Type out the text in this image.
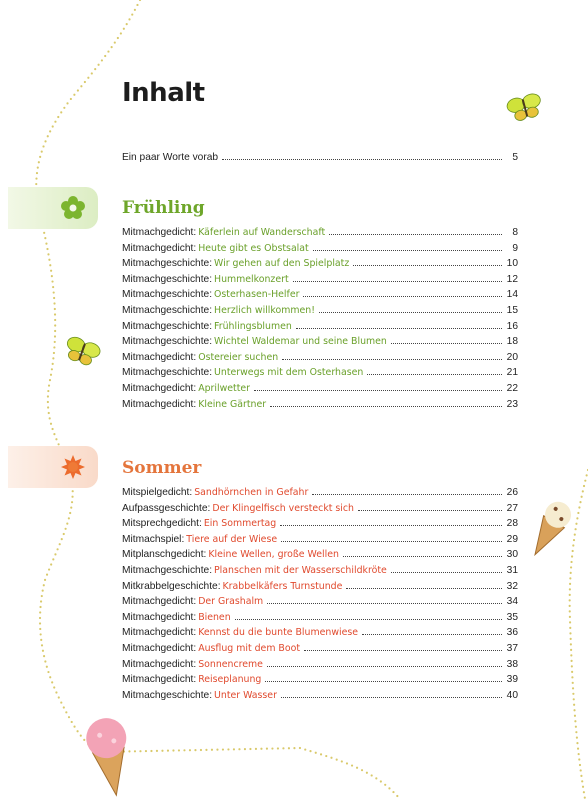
Inhalt
Ein paar Worte vorab	5
Frühling
Mitmachgedicht: Käferlein auf Wanderschaft	8
Mitmachgedicht: Heute gibt es Obstsalat	9
Mitmachgeschichte: Wir gehen auf den Spielplatz	10
Mitmachgeschichte: Hummelkonzert	12
Mitmachgeschichte: Osterhasen-Helfer	14
Mitmachgeschichte: Herzlich willkommen!	15
Mitmachgeschichte: Frühlingsblumen	16
Mitmachgeschichte: Wichtel Waldemar und seine Blumen	18
Mitmachgedicht: Ostereier suchen	20
Mitmachgeschichte: Unterwegs mit dem Osterhasen	21
Mitmachgedicht: Aprilwetter	22
Mitmachgedicht: Kleine Gärtner	23
Sommer
Mitspielgedicht: Sandhörnchen in Gefahr	26
Aufpassgeschichte: Der Klingelfisch versteckt sich	27
Mitsprechgedicht: Ein Sommertag	28
Mitmachspiel: Tiere auf der Wiese	29
Mitplanschgedicht: Kleine Wellen, große Wellen	30
Mitmachgeschichte: Planschen mit der Wasserschildkröte	31
Mitkrabbelgeschichte: Krabbelkäfers Turnstunde	32
Mitmachgedicht: Der Grashalm	34
Mitmachgedicht: Bienen	35
Mitmachgedicht: Kennst du die bunte Blumenwiese	36
Mitmachgedicht: Ausflug mit dem Boot	37
Mitmachgedicht: Sonnencreme	38
Mitmachgedicht: Reiseplanung	39
Mitmachgeschichte: Unter Wasser	40
